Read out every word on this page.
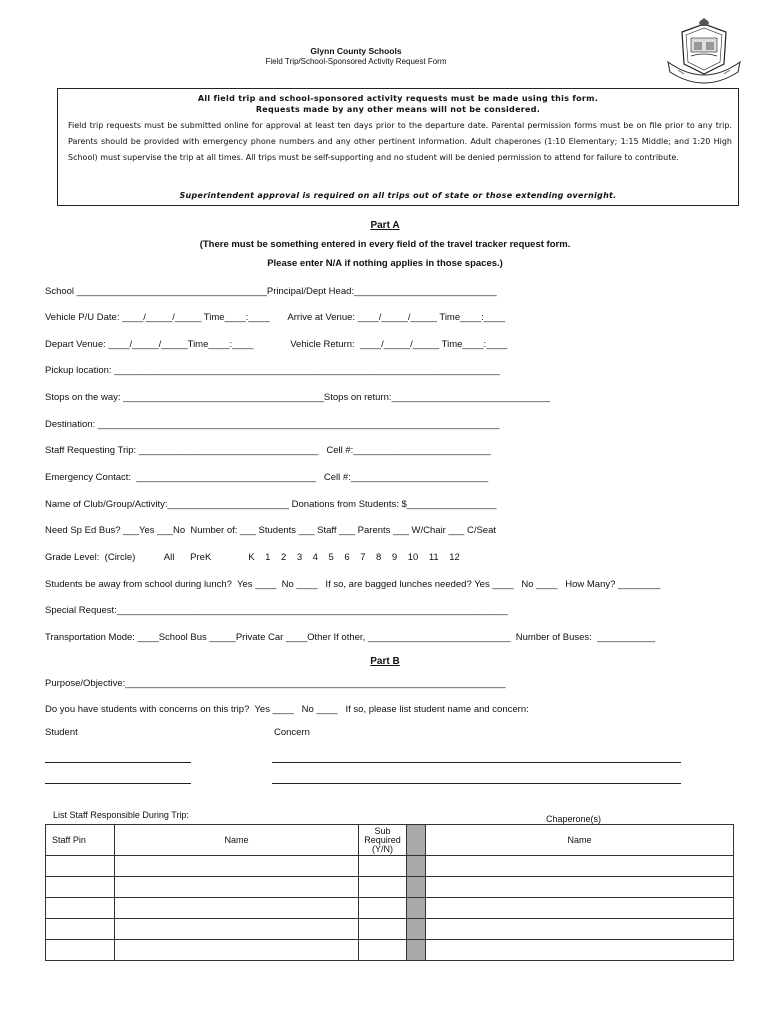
Glynn County Schools
Field Trip/School-Sponsored Activity Request Form
All field trip and school-sponsored activity requests must be made using this form.
Requests made by any other means will not be considered.
Field trip requests must be submitted online for approval at least ten days prior to the departure date. Parental permission forms must be on file prior to any trip. Parents should be provided with emergency phone numbers and any other pertinent information. Adult chaperones (1:10 Elementary; 1:15 Middle; and 1:20 High School) must supervise the trip at all times. All trips must be self-supporting and no student will be denied permission to attend for failure to contribute.
Superintendent approval is required on all trips out of state or those extending overnight.
Part A
(There must be something entered in every field of the travel tracker request form.
Please enter N/A if nothing applies in those spaces.)
School ____________________________________Principal/Dept Head:___________________________
Vehicle P/U Date: ____/_____/_____ Time____:____       Arrive at Venue: ____/_____/_____ Time____:____
Depart Venue: ____/_____/_____Time____:____              Vehicle Return:  ____/_____/_____ Time____:____
Pickup location: _________________________________________________________________________
Stops on the way: ______________________________________Stops on return:______________________________
Destination: ____________________________________________________________________________
Staff Requesting Trip: __________________________________   Cell #:__________________________
Emergency Contact:  __________________________________   Cell #:__________________________
Name of Club/Group/Activity:_______________________ Donations from Students: $_________________
Need Sp Ed Bus? ___Yes ___No  Number of: ___ Students ___ Staff ___ Parents ___ W/Chair ___ C/Seat
Grade Level:  (Circle)           All      PreK              K    1    2    3    4    5    6    7    8    9    10    11    12
Students be away from school during lunch?  Yes ____  No ____   If so, are bagged lunches needed? Yes ____   No ____   How Many? ________
Special Request:__________________________________________________________________________
Transportation Mode: ____School Bus _____Private Car ____Other If other, ___________________________  Number of Buses:  ___________
Part B
Purpose/Objective:________________________________________________________________________
Do you have students with concerns on this trip?  Yes ____   No ____   If so, please list student name and concern:
Student	Concern
List Staff Responsible During Trip:	Chaperone(s)
Staff Pin	Name	Sub Required (Y/N)		Name
